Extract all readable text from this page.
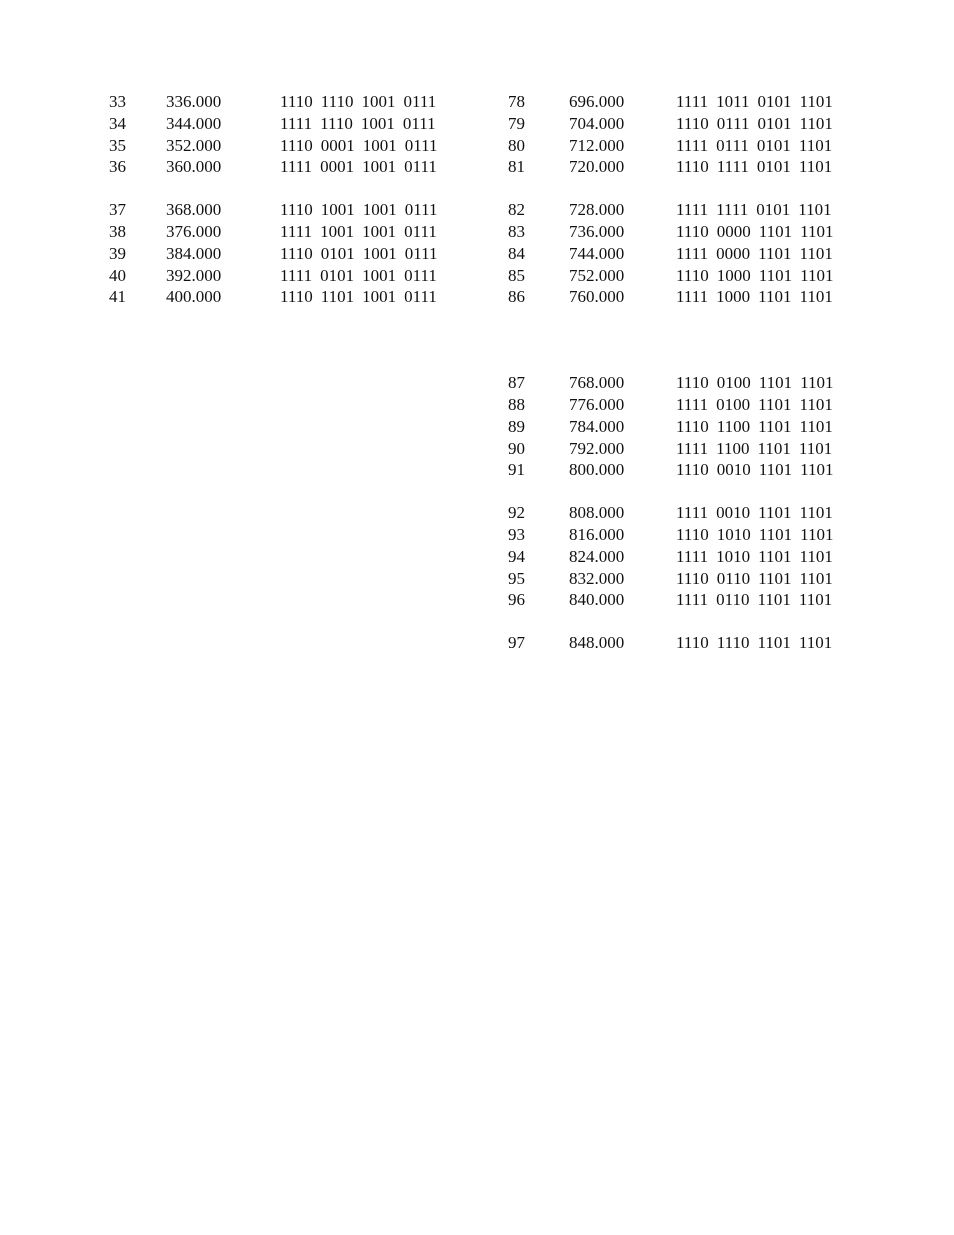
33 336.000	1110 1110 1001 0111
34 344.000	1111 1110 1001 0111
35 352.000	1110 0001 1001 0111
36 360.000	1111 0001 1001 0111
37 368.000	1110 1001 1001 0111
38 376.000	1111 1001 1001 0111
39 384.000	1110 0101 1001 0111
40 392.000	1111 0101 1001 0111
41 400.000	1110 1101 1001 0111
78	696.000	1111 1011 0101 1101
79	704.000	1110 0111 0101 1101
80	712.000	1111 0111 0101 1101
81	720.000	1110 1111 0101 1101
82	728.000	1111 1111 0101 1101
83	736.000	1110 0000 1101 1101
84	744.000	1111 0000 1101 1101
85	752.000	1110 1000 1101 1101
86	760.000	1111 1000 1101 1101
87	768.000	1110 0100 1101 1101
88	776.000	1111 0100 1101 1101
89	784.000	1110 1100 1101 1101
90	792.000	1111 1100 1101 1101
91	800.000	1110 0010 1101 1101
92	808.000	1111 0010 1101 1101
93	816.000	1110 1010 1101 1101
94	824.000	1111 1010 1101 1101
95	832.000	1110 0110 1101 1101
96	840.000	1111 0110 1101 1101
97	848.000	1110 1110 1101 1101
